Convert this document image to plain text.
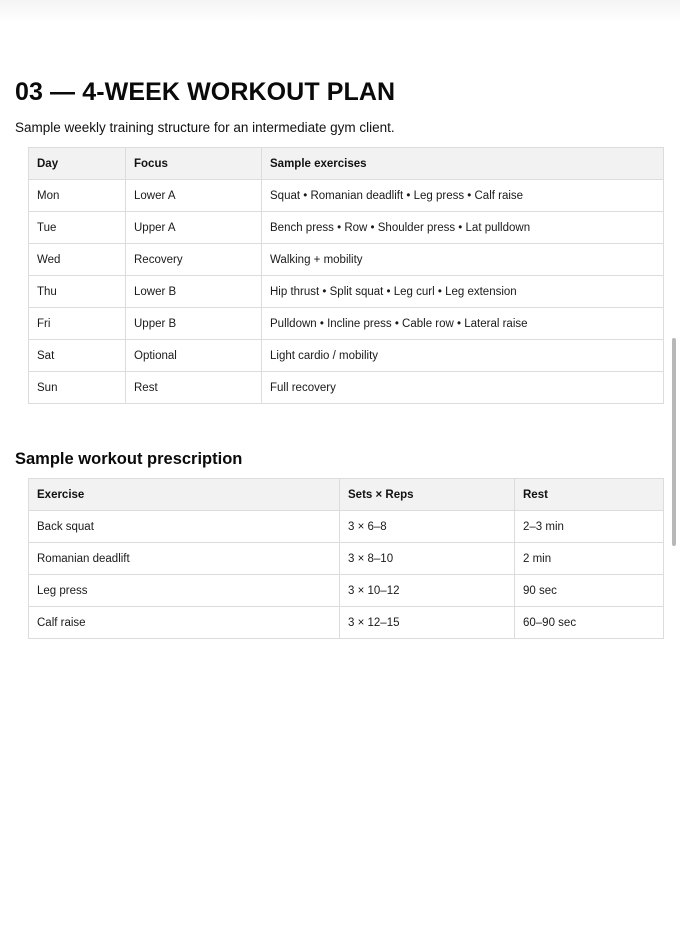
03 — 4-WEEK WORKOUT PLAN

Sample weekly training structure for an intermediate gym client.

Day	Focus	Sample exercises
Mon	Lower A	Squat • Romanian deadlift • Leg press • Calf raise
Tue	Upper A	Bench press • Row • Shoulder press • Lat pulldown
Wed	Recovery	Walking + mobility
Thu	Lower B	Hip thrust • Split squat • Leg curl • Leg extension
Fri	Upper B	Pulldown • Incline press • Cable row • Lateral raise
Sat	Optional	Light cardio / mobility
Sun	Rest	Full recovery
Sample workout prescription
Exercise	Sets × Reps	Rest
Back squat	3 × 6–8	2–3 min
Romanian deadlift	3 × 8–10	2 min
Leg press	3 × 10–12	90 sec
Calf raise	3 × 12–15	60–90 sec
